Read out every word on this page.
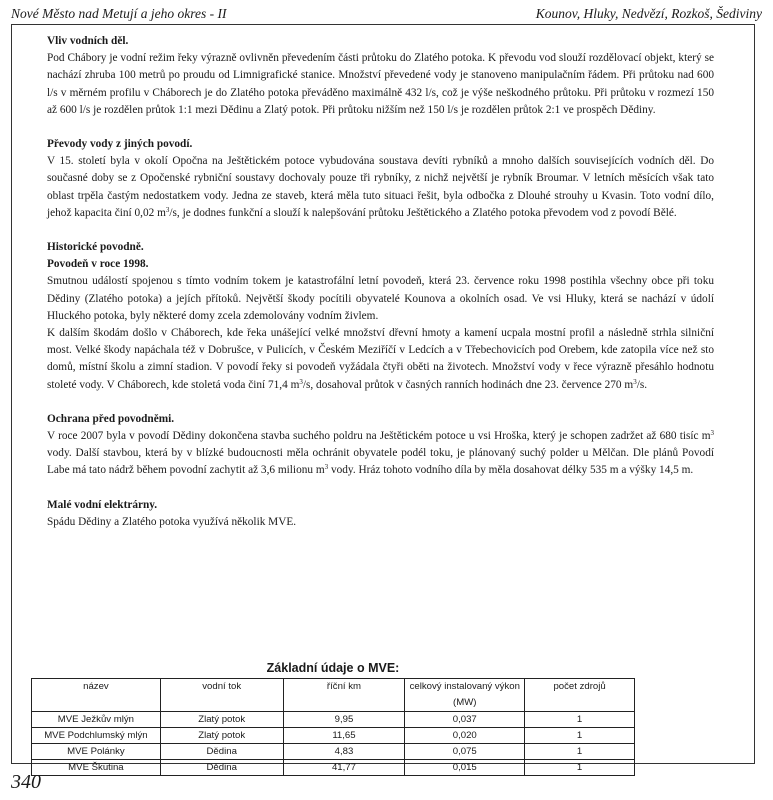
Nové Město nad Metují a jeho okres - II	Kounov, Hluky, Nedvězí, Rozkoš, Šediviny
Základní údaje o MVE:
název	vodní tok	říční km	celkový instalovaný výkon (MW)	počet zdrojů
MVE Ježkův mlýn	Zlatý potok	9,95	0,037	1
MVE Podchlumský mlýn	Zlatý potok	11,65	0,020	1
MVE Polánky	Dědina	4,83	0,075	1
MVE Škutina	Dědina	41,77	0,015	1

Vliv vodních děl.

Pod Chábory je vodní režim řeky výrazně ovlivněn převedením části průtoku do Zlatého potoka. K převodu vod slouží rozdělovací objekt, který se nachází zhruba 100 metrů po proudu od Limnigrafické stanice. Množství převedené vody je stanoveno manipulačním řádem. Při průtoku nad 600 l/s v měrném profilu v Cháborech je do Zlatého potoka převáděno maximálně 432 l/s, což je výše neškodného průtoku. Při průtoku v rozmezí 150 až 600 l/s je rozdělen průtok 1:1 mezi Dědinu a Zlatý potok. Při průtoku nižším než 150 l/s je rozdělen průtok 2:1 ve prospěch Dědiny.

Převody vody z jiných povodí.

V 15. století byla v okolí Opočna na Ještětickém potoce vybudována soustava devíti rybníků a mnoho dalších souvisejících vodních děl. Do současné doby se z Opočenské rybniční soustavy dochovaly pouze tři rybníky, z nichž největší je rybník Broumar. V letních měsících však tato oblast trpěla častým nedostatkem vody. Jedna ze staveb, která měla tuto situaci řešit, byla odbočka z Dlouhé strouhy u Kvasin. Toto vodní dílo, jehož kapacita činí 0,02 $m^3/s$, je dodnes funkční a slouží k nalepšování průtoku Ještětického a Zlatého potoka převodem vod z povodí Bělé.

Historické povodně.

Povodeň v roce 1998.

Smutnou událostí spojenou s tímto vodním tokem je katastrofální letní povodeň, která 23. července roku 1998 postihla všechny obce při toku Dědiny (Zlatého potoka) a jejích přítoků. Největší škody pocítili obyvatelé Kounova a okolních osad. Ve vsi Hluky, která se nachází v údolí Hluckého potoka, byly některé domy zcela zdemolovány vodním živlem.

K dalším škodám došlo v Cháborech, kde řeka unášející velké množství dřevní hmoty a kamení ucpala mostní profil a následně strhla silniční most. Velké škody napáchala též v Dobrušce, v Pulicích, v Českém Meziříčí v Ledcích a v Třebechovicích pod Orebem, kde zatopila více než sto domů, místní školu a zimní stadion. V povodí řeky si povodeň vyžádala čtyři oběti na životech. Množství vody v řece výrazně přesáhlo hodnotu stoleté vody. V Cháborech, kde stoletá voda činí 71,4 $m^3/s$, dosahoval průtok v časných ranních hodinách dne 23. července 270 $m^3/s$.

Ochrana před povodněmi.

V roce 2007 byla v povodí Dědiny dokončena stavba suchého poldru na Ještětickém potoce u vsi Hroška, který je schopen zadržet až 680 tisíc $m^3$ vody. Další stavbou, která by v blízké budoucnosti měla ochránit obyvatele podél toku, je plánovaný suchý polder u Mělčan. Dle plánů Povodí Labe má tato nádrž během povodní zachytit až 3,6 milionu $m^3$ vody. Hráz tohoto vodního díla by měla dosahovat délky 535 m a výšky 14,5 m.

Malé vodní elektrárny.

Spádu Dědiny a Zlatého potoka využívá několik MVE.

340
